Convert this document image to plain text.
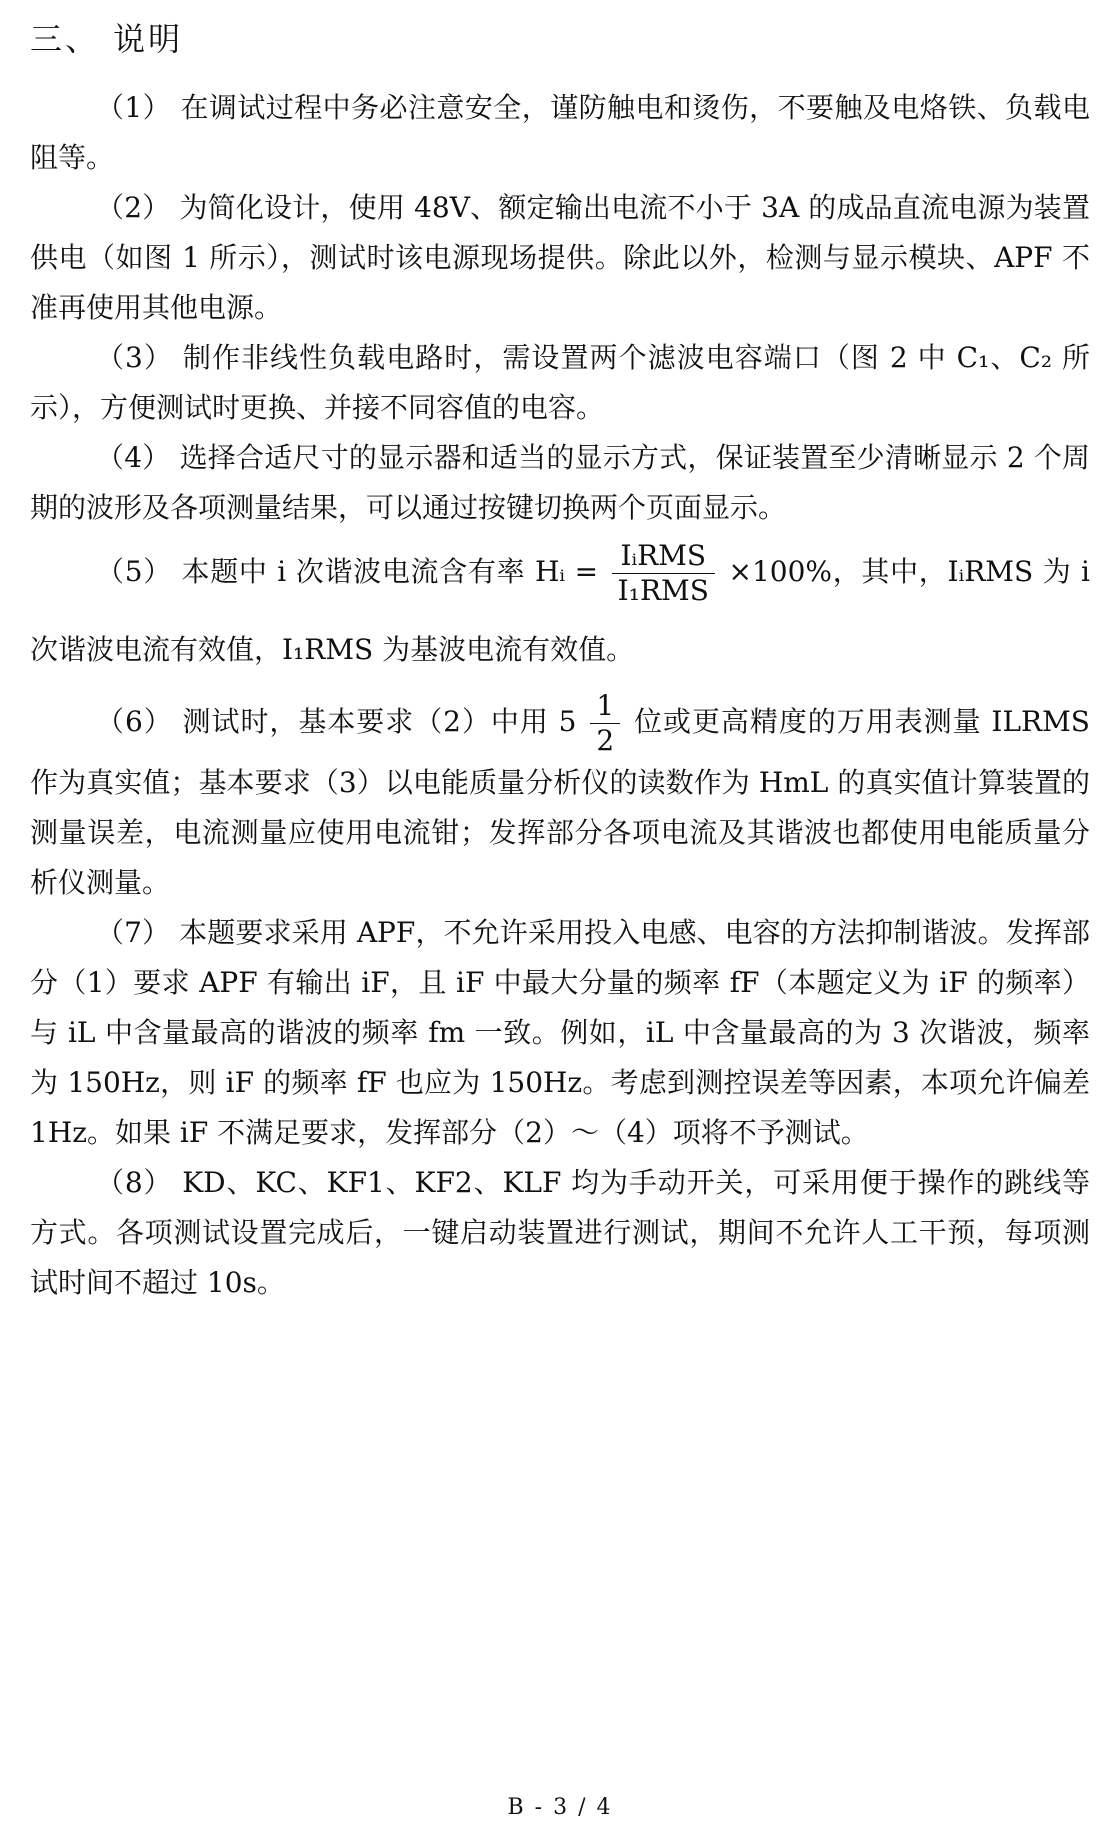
三、 说明

（1） 在调试过程中务必注意安全，谨防触电和烫伤，不要触及电烙铁、负载电阻等。

（2） 为简化设计，使用 48V、额定输出电流不小于 3A 的成品直流电源为装置供电（如图 1 所示），测试时该电源现场提供。除此以外，检测与显示模块、APF 不准再使用其他电源。

（3） 制作非线性负载电路时，需设置两个滤波电容端口（图 2 中 C₁、C₂ 所示），方便测试时更换、并接不同容值的电容。

（4） 选择合适尺寸的显示器和适当的显示方式，保证装置至少清晰显示 2 个周期的波形及各项测量结果，可以通过按键切换两个页面显示。

（5） 本题中 i 次谐波电流含有率 Hᵢ = $\frac{\text{IᵢRMS}}{\text{I₁RMS}} \times 100\%$，其中，IᵢRMS 为 i 次谐波电流有效值，I₁RMS 为基波电流有效值。

（6） 测试时，基本要求（2）中用 $5 \frac{1}{2}$ 位或更高精度的万用表测量 ILRMS 作为真实值；基本要求（3）以电能质量分析仪的读数作为 HmL 的真实值计算装置的测量误差，电流测量应使用电流钳；发挥部分各项电流及其谐波也都使用电能质量分析仪测量。

（7） 本题要求采用 APF，不允许采用投入电感、电容的方法抑制谐波。发挥部分（1）要求 APF 有输出 iF，且 iF 中最大分量的频率 fF（本题定义为 iF 的频率）与 iL 中含量最高的谐波的频率 fm 一致。例如，iL 中含量最高的为 3 次谐波，频率为 150Hz，则 iF 的频率 fF 也应为 150Hz。考虑到测控误差等因素，本项允许偏差 1Hz。如果 iF 不满足要求，发挥部分（2）～（4）项将不予测试。

（8） KD、KC、KF1、KF2、KLF 均为手动开关，可采用便于操作的跳线等方式。各项测试设置完成后，一键启动装置进行测试，期间不允许人工干预，每项测试时间不超过 10s。

B - 3 / 4
